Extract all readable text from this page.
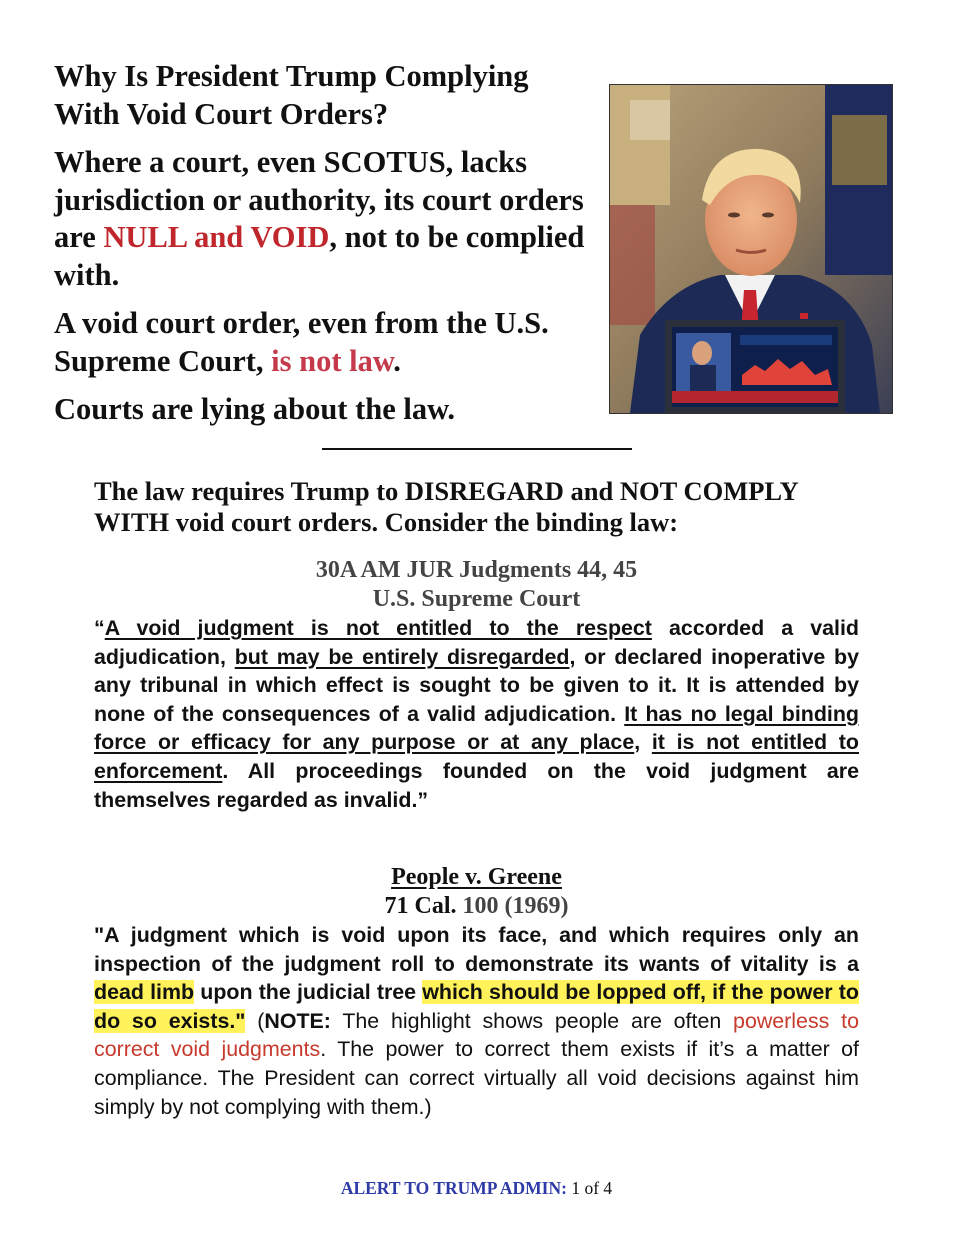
Why Is President Trump Complying With Void Court Orders?

Where a court, even SCOTUS, lacks jurisdiction or authority, its court orders are NULL and VOID, not to be complied with.

A void court order, even from the U.S. Supreme Court, is not law.

Courts are lying about the law.

The law requires Trump to DISREGARD and NOT COMPLY WITH void court orders. Consider the binding law:
30A AM JUR Judgments 44, 45
U.S. Supreme Court
“A void judgment is not entitled to the respect accorded a valid adjudication, but may be entirely disregarded, or declared inoperative by any tribunal in which effect is sought to be given to it. It is attended by none of the consequences of a valid adjudication. It has no legal binding force or efficacy for any purpose or at any place, it is not entitled to enforcement. All proceedings founded on the void judgment are themselves regarded as invalid.”
People v. Greene
71 Cal. 100 (1969)
"A judgment which is void upon its face, and which requires only an inspection of the judgment roll to demonstrate its wants of vitality is a dead limb upon the judicial tree which should be lopped off, if the power to do so exists." (NOTE: The highlight shows people are often powerless to correct void judgments. The power to correct them exists if it’s a matter of compliance. The President can correct virtually all void decisions against him simply by not complying with them.)
ALERT TO TRUMP ADMIN: 1 of 4
